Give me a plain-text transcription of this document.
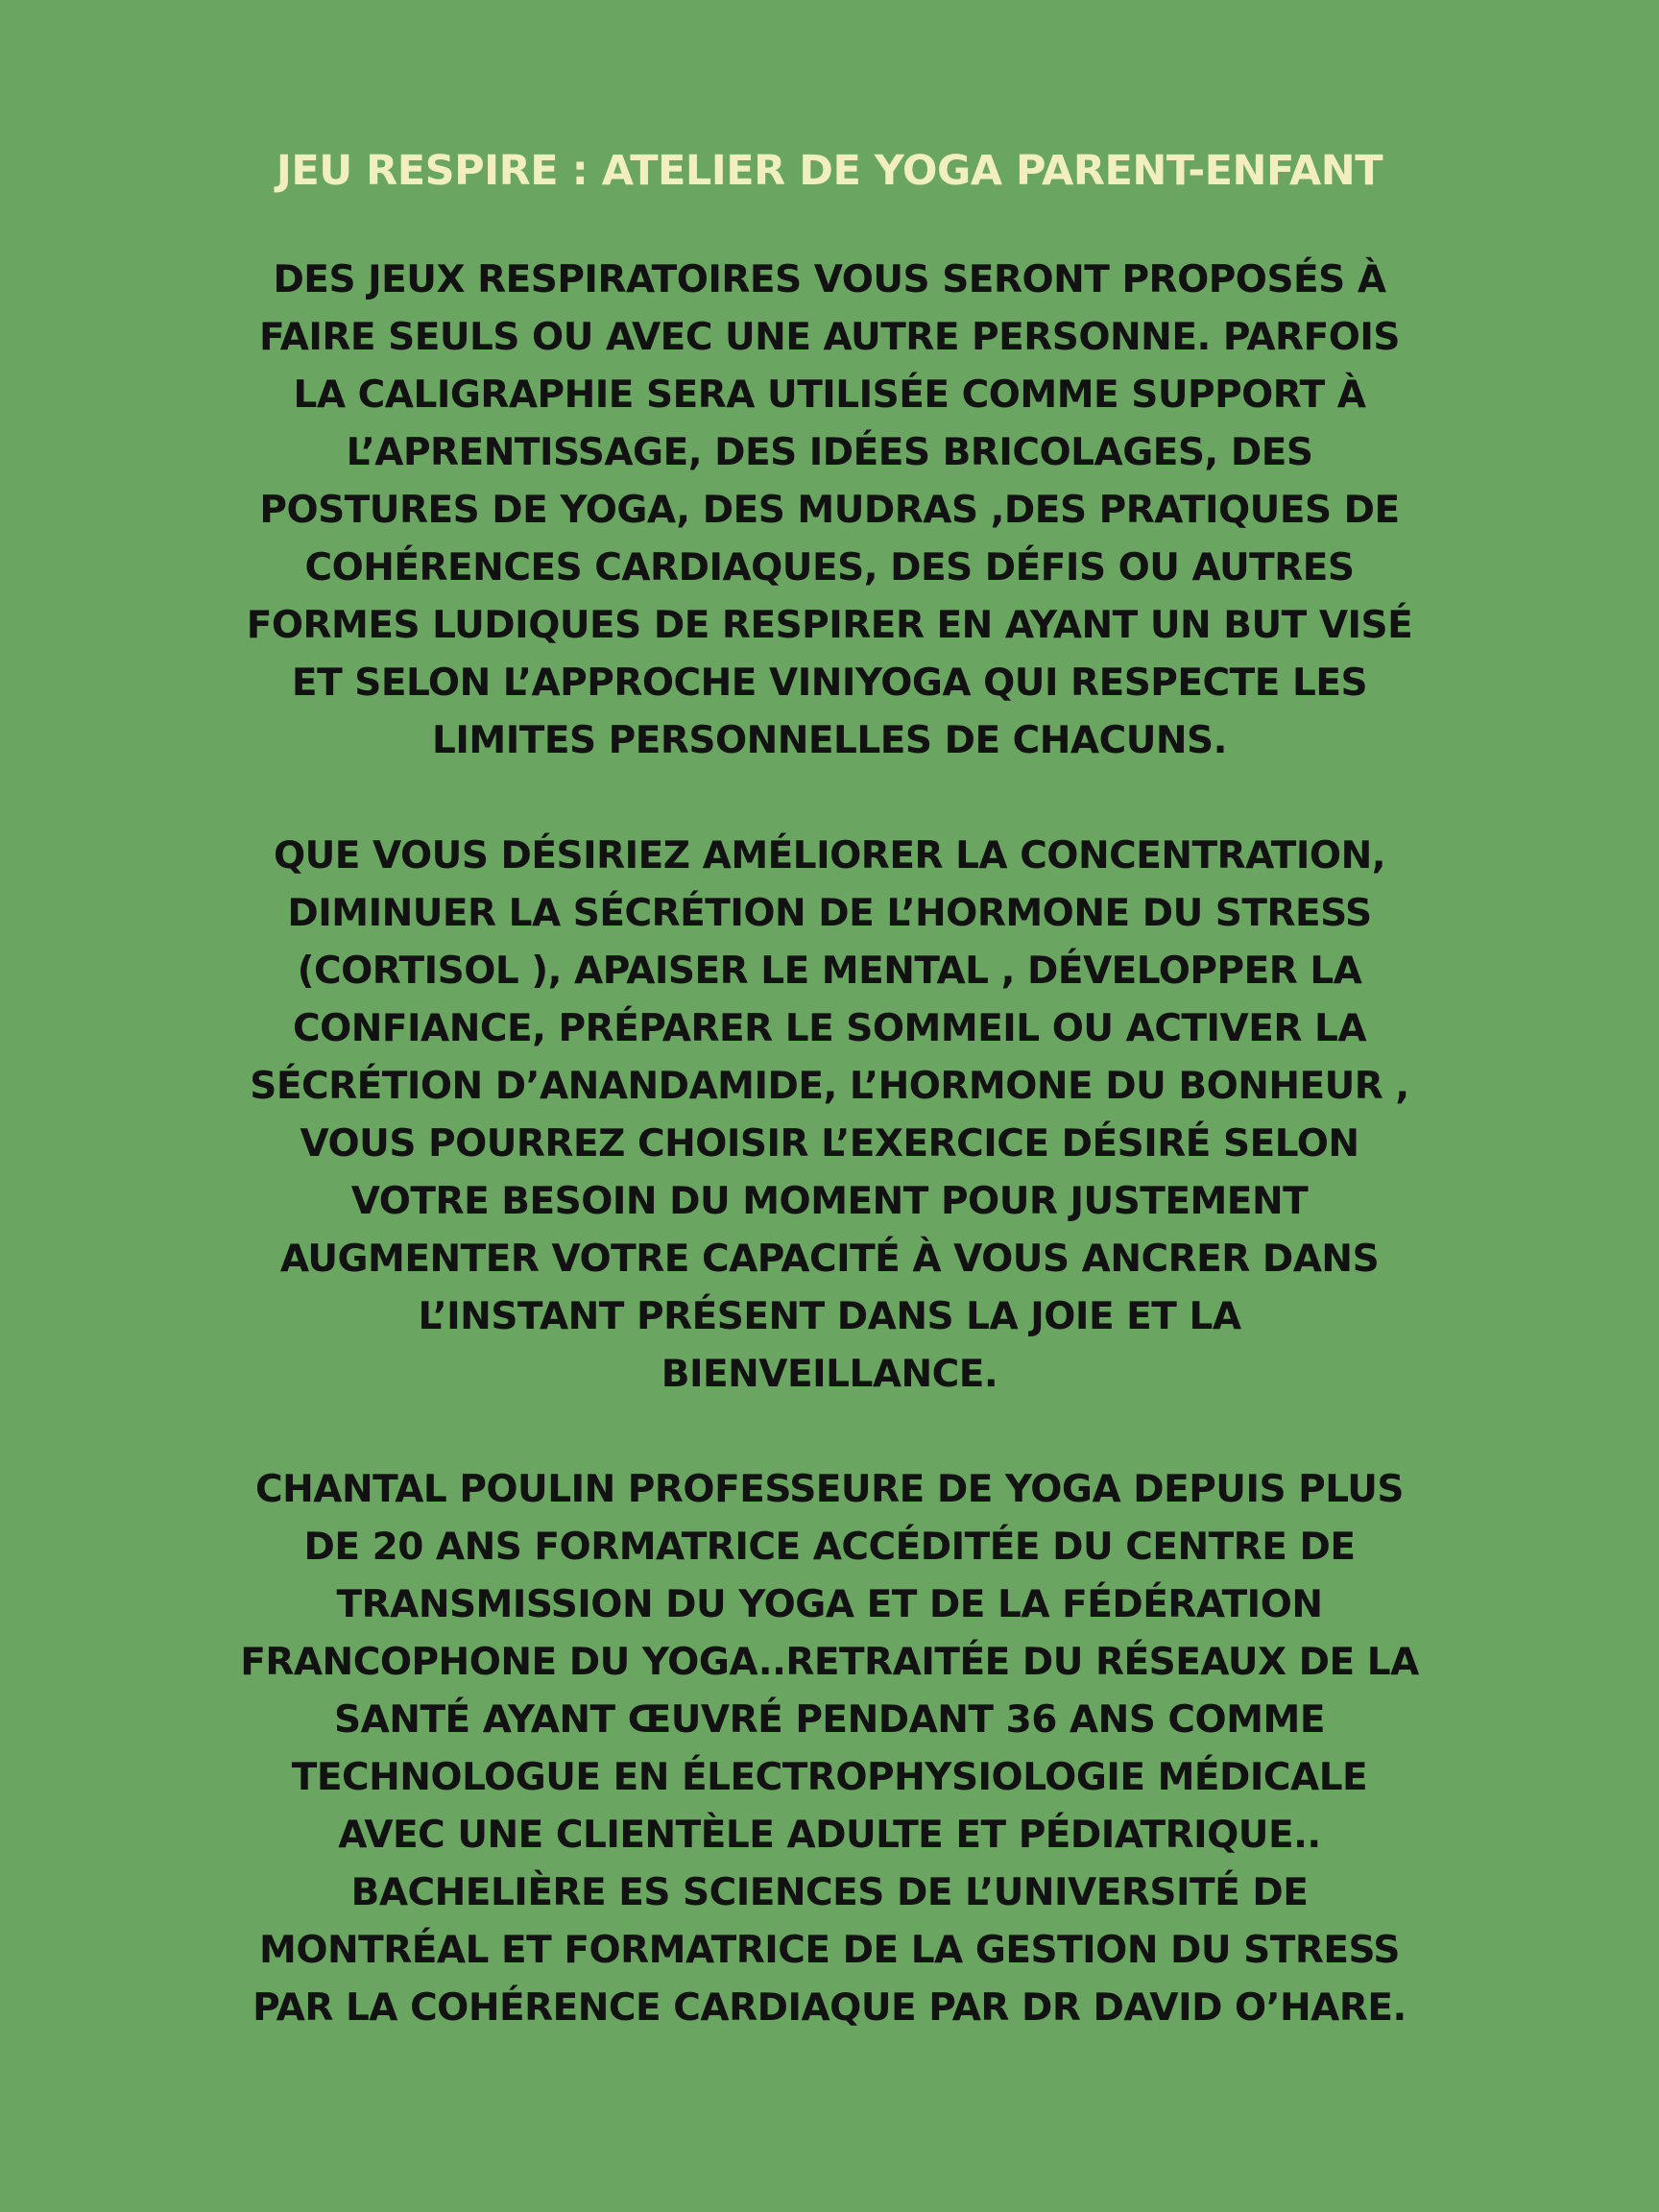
JEU RESPIRE : ATELIER DE YOGA PARENT-ENFANT

DES JEUX RESPIRATOIRES VOUS SERONT PROPOSÉS À
FAIRE SEULS OU AVEC UNE AUTRE PERSONNE. PARFOIS
LA CALIGRAPHIE SERA UTILISÉE COMME SUPPORT À
L’APRENTISSAGE, DES IDÉES BRICOLAGES, DES
POSTURES DE YOGA, DES MUDRAS ,DES PRATIQUES DE
COHÉRENCES CARDIAQUES, DES DÉFIS OU AUTRES
FORMES LUDIQUES DE RESPIRER EN AYANT UN BUT VISÉ
ET SELON L’APPROCHE VINIYOGA QUI RESPECTE LES
LIMITES PERSONNELLES DE CHACUNS.

QUE VOUS DÉSIRIEZ AMÉLIORER LA CONCENTRATION,
DIMINUER LA SÉCRÉTION DE L’HORMONE DU STRESS
(CORTISOL ), APAISER LE MENTAL , DÉVELOPPER LA
CONFIANCE, PRÉPARER LE SOMMEIL OU ACTIVER LA
SÉCRÉTION D’ANANDAMIDE, L’HORMONE DU BONHEUR ,
VOUS POURREZ CHOISIR L’EXERCICE DÉSIRÉ SELON
VOTRE BESOIN DU MOMENT POUR JUSTEMENT
AUGMENTER VOTRE CAPACITÉ À VOUS ANCRER DANS
L’INSTANT PRÉSENT DANS LA JOIE ET LA
BIENVEILLANCE.

CHANTAL POULIN PROFESSEURE DE YOGA DEPUIS PLUS
DE 20 ANS FORMATRICE ACCÉDITÉE DU CENTRE DE
TRANSMISSION DU YOGA ET DE LA FÉDÉRATION
FRANCOPHONE DU YOGA..RETRAITÉE DU RÉSEAUX DE LA
SANTÉ AYANT ŒUVRÉ PENDANT 36 ANS COMME
TECHNOLOGUE EN ÉLECTROPHYSIOLOGIE MÉDICALE
AVEC UNE CLIENTÈLE ADULTE ET PÉDIATRIQUE..
BACHELIÈRE ES SCIENCES DE L’UNIVERSITÉ DE
MONTRÉAL ET FORMATRICE DE LA GESTION DU STRESS
PAR LA COHÉRENCE CARDIAQUE PAR DR DAVID O’HARE.
